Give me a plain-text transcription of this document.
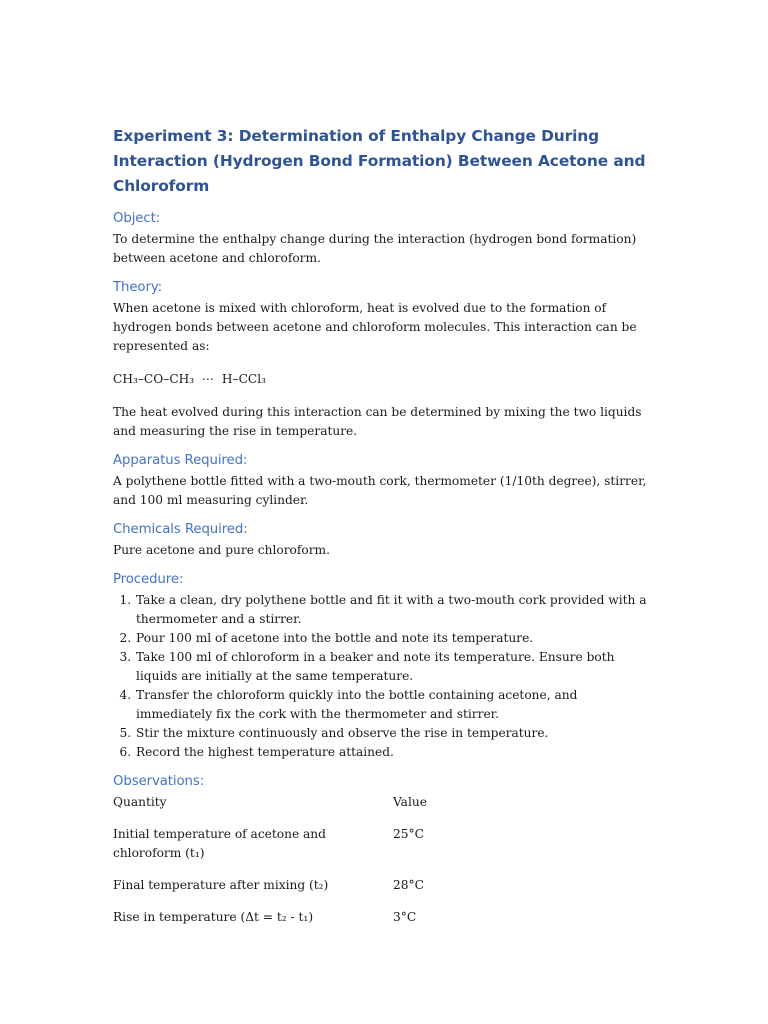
Experiment 3: Determination of Enthalpy Change During Interaction (Hydrogen Bond Formation) Between Acetone and Chloroform
Object:
To determine the enthalpy change during the interaction (hydrogen bond formation) between acetone and chloroform.
Theory:
When acetone is mixed with chloroform, heat is evolved due to the formation of hydrogen bonds between acetone and chloroform molecules. This interaction can be represented as:
CH₃–CO–CH₃  ⋯  H–CCl₃
The heat evolved during this interaction can be determined by mixing the two liquids and measuring the rise in temperature.
Apparatus Required:
A polythene bottle fitted with a two-mouth cork, thermometer (1/10th degree), stirrer, and 100 ml measuring cylinder.
Chemicals Required:
Pure acetone and pure chloroform.
Procedure:
1. Take a clean, dry polythene bottle and fit it with a two-mouth cork provided with a thermometer and a stirrer.
2. Pour 100 ml of acetone into the bottle and note its temperature.
3. Take 100 ml of chloroform in a beaker and note its temperature. Ensure both liquids are initially at the same temperature.
4. Transfer the chloroform quickly into the bottle containing acetone, and immediately fix the cork with the thermometer and stirrer.
5. Stir the mixture continuously and observe the rise in temperature.
6. Record the highest temperature attained.
Observations:
Quantity	Value
Initial temperature of acetone and chloroform (t₁)	25°C
Final temperature after mixing (t₂)	28°C
Rise in temperature (Δt = t₂ - t₁)	3°C
